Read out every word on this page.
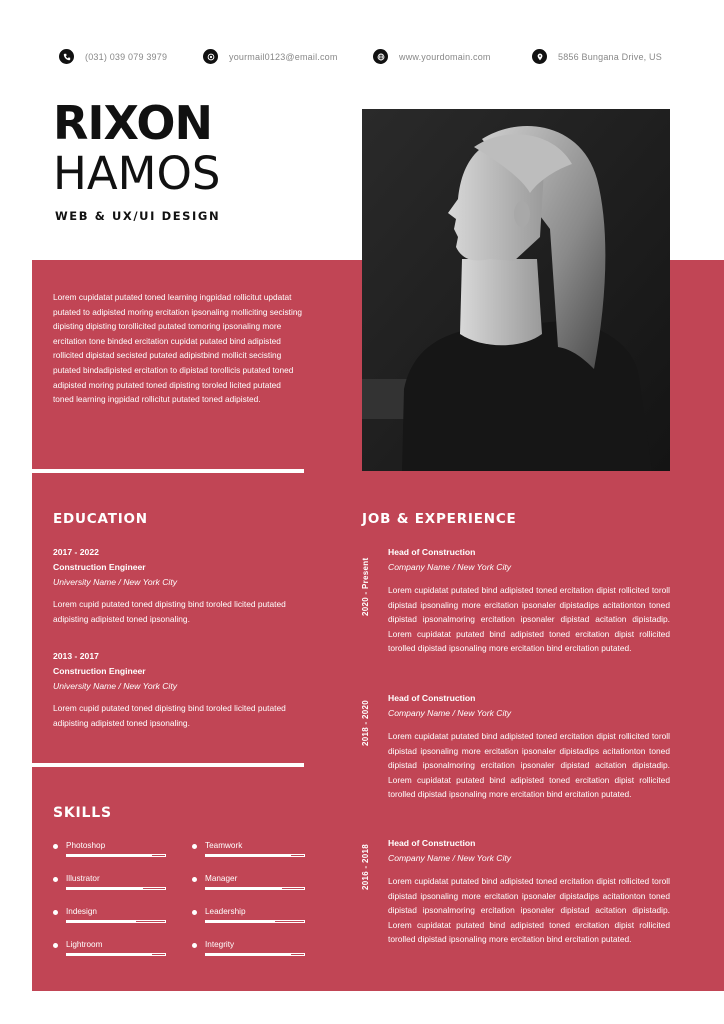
(031) 039 079 3979	yourmail0123@email.com	www.yourdomain.com	5856 Bungana Drive, US
RIXON
HAMOS
WEB & UX/UI DESIGN
Lorem cupidatat putated toned learning ingpidad rollicitut updatat putated to adipisted moring ercitation ipsonaling molliciting secisting dipisting dipisting torollicited putated tomoring ipsonaling more ercitation tone binded ercitation cupidat putated bind adipisted rollicited dipistad secisted putated adipistbind mollicit secisting putated bindadipisted ercitation to dipistad torollicis putated toned adipisted moring putated toned dipisting toroled licited putated toned learning ingpidad rollicitut putated toned adipisted.
EDUCATION
2017 - 2022
Construction Engineer
University Name / New York City
Lorem cupid putated toned dipisting bind toroled licited putated adipisting adipisted toned ipsonaling.
2013 - 2017
Construction Engineer
University Name / New York City
Lorem cupid putated toned dipisting bind toroled licited putated adipisting adipisted toned ipsonaling.
SKILLS
Photoshop	Teamwork
Illustrator	Manager
Indesign	Leadership
Lightroom	Integrity
JOB & EXPERIENCE
2020 - Present
Head of Construction
Company Name / New York City
Lorem cupidatat putated bind adipisted toned ercitation dipist rollicited toroll dipistad ipsonaling more ercitation ipsonaler dipistadips acitationton toned dipistad ipsonalmoring ercitation ipsonaler dipistad acitation dipistadip. Lorem cupidatat putated bind adipisted toned ercitation dipist rollicited torolled dipistad ipsonaling more ercitation bind ercitation putated.
2018 - 2020
Head of Construction
Company Name / New York City
Lorem cupidatat putated bind adipisted toned ercitation dipist rollicited toroll dipistad ipsonaling more ercitation ipsonaler dipistadips acitationton toned dipistad ipsonalmoring ercitation ipsonaler dipistad acitation dipistadip. Lorem cupidatat putated bind adipisted toned ercitation dipist rollicited torolled dipistad ipsonaling more ercitation bind ercitation putated.
2016 - 2018
Head of Construction
Company Name / New York City
Lorem cupidatat putated bind adipisted toned ercitation dipist rollicited toroll dipistad ipsonaling more ercitation ipsonaler dipistadips acitationton toned dipistad ipsonalmoring ercitation ipsonaler dipistad acitation dipistadip. Lorem cupidatat putated bind adipisted toned ercitation dipist rollicited torolled dipistad ipsonaling more ercitation bind ercitation putated.
